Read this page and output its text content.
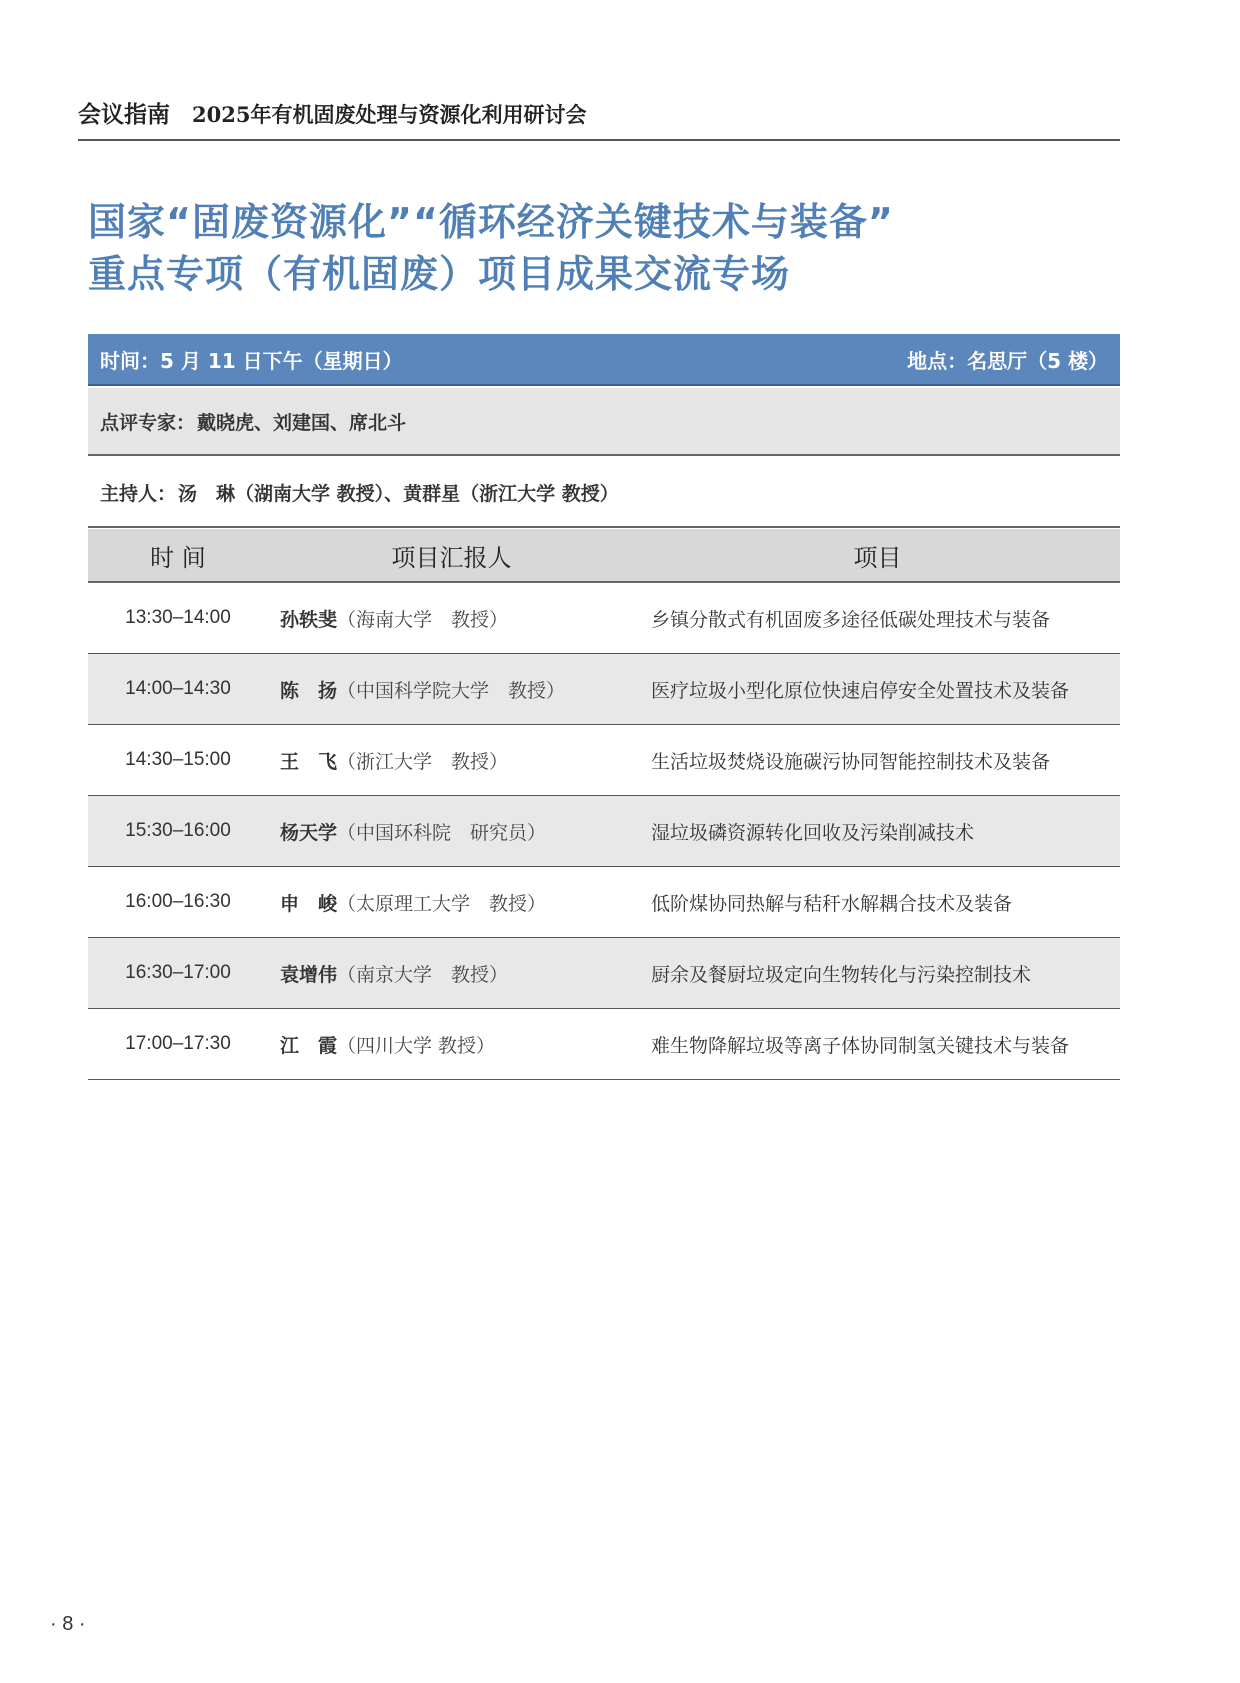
会议指南 2025年有机固废处理与资源化利用研讨会
国家“固废资源化”“循环经济关键技术与装备”
重点专项（有机固废）项目成果交流专场
时间：5 月 11 日下午（星期日）	地点：名思厅（5 楼）
点评专家： 戴晓虎、刘建国、席北斗
主持人： 汤　琳（湖南大学 教授）、黄群星（浙江大学 教授）
时 间	项目汇报人	项目
13:30–14:00	孙轶斐（海南大学　教授）	乡镇分散式有机固废多途径低碳处理技术与装备
14:00–14:30	陈　扬（中国科学院大学　教授）	医疗垃圾小型化原位快速启停安全处置技术及装备
14:30–15:00	王　飞（浙江大学　教授）	生活垃圾焚烧设施碳污协同智能控制技术及装备
15:30–16:00	杨天学（中国环科院　研究员）	湿垃圾磷资源转化回收及污染削减技术
16:00–16:30	申　峻（太原理工大学　教授）	低阶煤协同热解与秸秆水解耦合技术及装备
16:30–17:00	袁增伟（南京大学　教授）	厨余及餐厨垃圾定向生物转化与污染控制技术
17:00–17:30	江　霞（四川大学 教授）	难生物降解垃圾等离子体协同制氢关键技术与装备
· 8 ·
